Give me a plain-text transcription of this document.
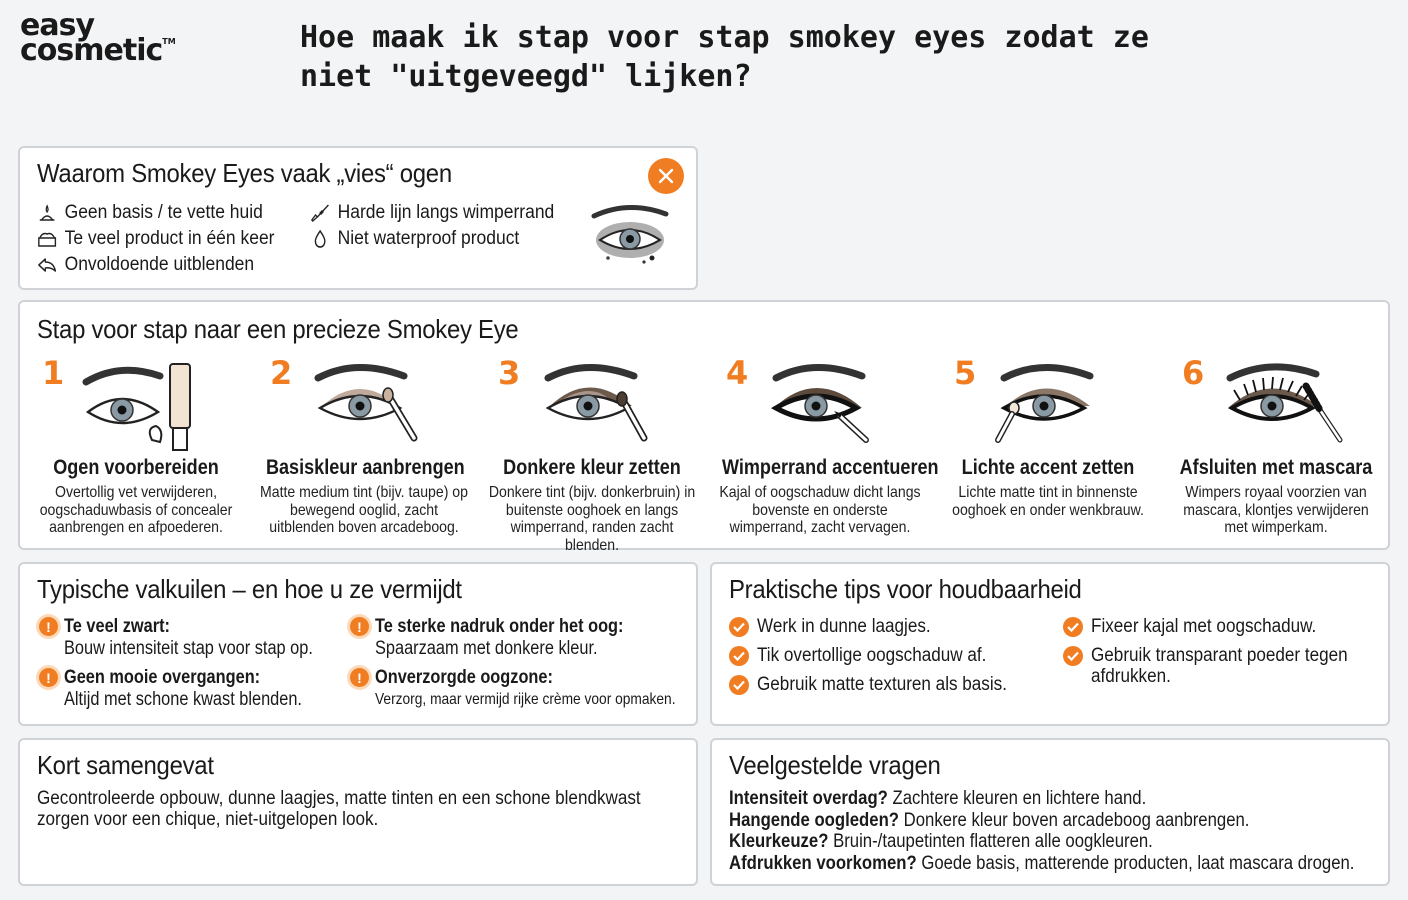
easy
cosmetic™	Hoe maak ik stap voor stap smokey eyes zodat ze niet "uitgeveegd" lijken?
Waarom Smokey Eyes vaak „vies“ ogen
Geen basis / te vette huid
Te veel product in één keer
Onvoldoende uitblenden
Harde lijn langs wimperrand
Niet waterproof product
Stap voor stap naar een precieze Smokey Eye
1
Ogen voorbereiden
Overtollig vet verwijderen, oogschaduwbasis of concealer aanbrengen en afpoederen.
2
Basiskleur aanbrengen
Matte medium tint (bijv. taupe) op bewegend ooglid, zacht uitblenden boven arcadeboog.
3
Donkere kleur zetten
Donkere tint (bijv. donkerbruin) in buitenste ooghoek en langs wimperrand, randen zacht blenden.
4
Wimperrand accentueren
Kajal of oogschaduw dicht langs bovenste en onderste wimperrand, zacht vervagen.
5
Lichte accent zetten
Lichte matte tint in binnenste ooghoek en onder wenkbrauw.
6
Afsluiten met mascara
Wimpers royaal voorzien van mascara, klontjes verwijderen met wimperkam.
Typische valkuilen – en hoe u ze vermijdt
! Te veel zwart:
Bouw intensiteit stap voor stap op.
! Te sterke nadruk onder het oog:
Spaarzaam met donkere kleur.
! Geen mooie overgangen:
Altijd met schone kwast blenden.
! Onverzorgde oogzone:
Verzorg, maar vermijd rijke crème voor opmaken.
Praktische tips voor houdbaarheid
Werk in dunne laagjes.
Tik overtollige oogschaduw af.
Gebruik matte texturen als basis.
Fixeer kajal met oogschaduw.
Gebruik transparant poeder tegen afdrukken.
Kort samengevat

Gecontroleerde opbouw, dunne laagjes, matte tinten en een schone blendkwast zorgen voor een chique, niet-uitgelopen look.

Veelgestelde vragen
Intensiteit overdag? Zachtere kleuren en lichtere hand.
Hangende oogleden? Donkere kleur boven arcadeboog aanbrengen.
Kleurkeuze? Bruin-/taupetinten flatteren alle oogkleuren.
Afdrukken voorkomen? Goede basis, matterende producten, laat mascara drogen.
